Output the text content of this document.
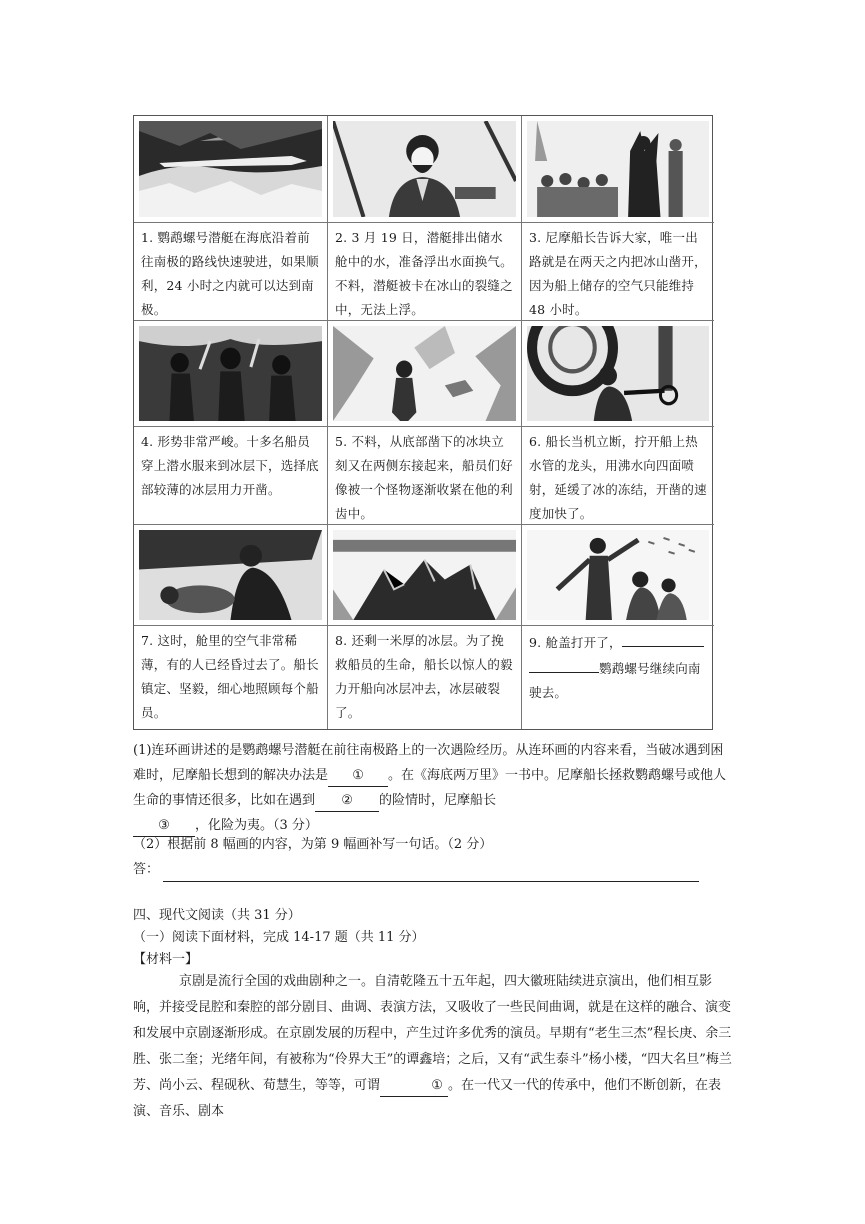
1. 鹦鹉螺号潜艇在海底沿着前往南极的路线快速驶进，如果顺利，24 小时之内就可以达到南极。
2. 3 月 19 日，潜艇排出储水舱中的水，准备浮出水面换气。不料，潜艇被卡在冰山的裂缝之中，无法上浮。
3. 尼摩船长告诉大家，唯一出路就是在两天之内把冰山凿开，因为船上储存的空气只能维持 48 小时。
4. 形势非常严峻。十多名船员穿上潜水服来到冰层下，选择底部较薄的冰层用力开凿。
5. 不料，从底部凿下的冰块立刻又在两侧东接起来，船员们好像被一个怪物逐渐收紧在他的利齿中。
6. 船长当机立断，拧开船上热水管的龙头，用沸水向四面喷射，延缓了冰的冻结，开凿的速度加快了。
7. 这时，舱里的空气非常稀薄，有的人已经昏过去了。船长镇定、坚毅，细心地照顾每个船员。
8. 还剩一米厚的冰层。为了挽救船员的生命，船长以惊人的毅力开船向冰层冲去，冰层破裂了。
9. 舱盖打开了，
鹦鹉螺号继续向南驶去。
(1)连环画讲述的是鹦鹉螺号潜艇在前往南极路上的一次遇险经历。从连环画的内容来看，当破冰遇到困难时，尼摩船长想到的解决办法是 ① 。在《海底两万里》一书中。尼摩船长拯救鹦鹉螺号或他人生命的事情还很多，比如在遇到 ② 的险情时，尼摩船长
③ ，化险为夷。（3 分）
（2）根据前 8 幅画的内容，为第 9 幅画补写一句话。（2 分）
答：
四、现代文阅读（共 31 分）
（一）阅读下面材料，完成 14-17 题（共 11 分）
【材料一】
京剧是流行全国的戏曲剧种之一。自清乾隆五十五年起，四大徽班陆续进京演出，他们相互影响，并接受昆腔和秦腔的部分剧目、曲调、表演方法，又吸收了一些民间曲调，就是在这样的融合、演变和发展中京剧逐渐形成。在京剧发展的历程中，产生过许多优秀的演员。早期有“老生三杰”程长庚、余三胜、张二奎；光绪年间，有被称为“伶界大王”的谭鑫培；之后，又有“武生泰斗”杨小楼，“四大名旦”梅兰芳、尚小云、程砚秋、荀慧生，等等，可谓	① 。在一代又一代的传承中，他们不断创新，在表演、音乐、剧本
